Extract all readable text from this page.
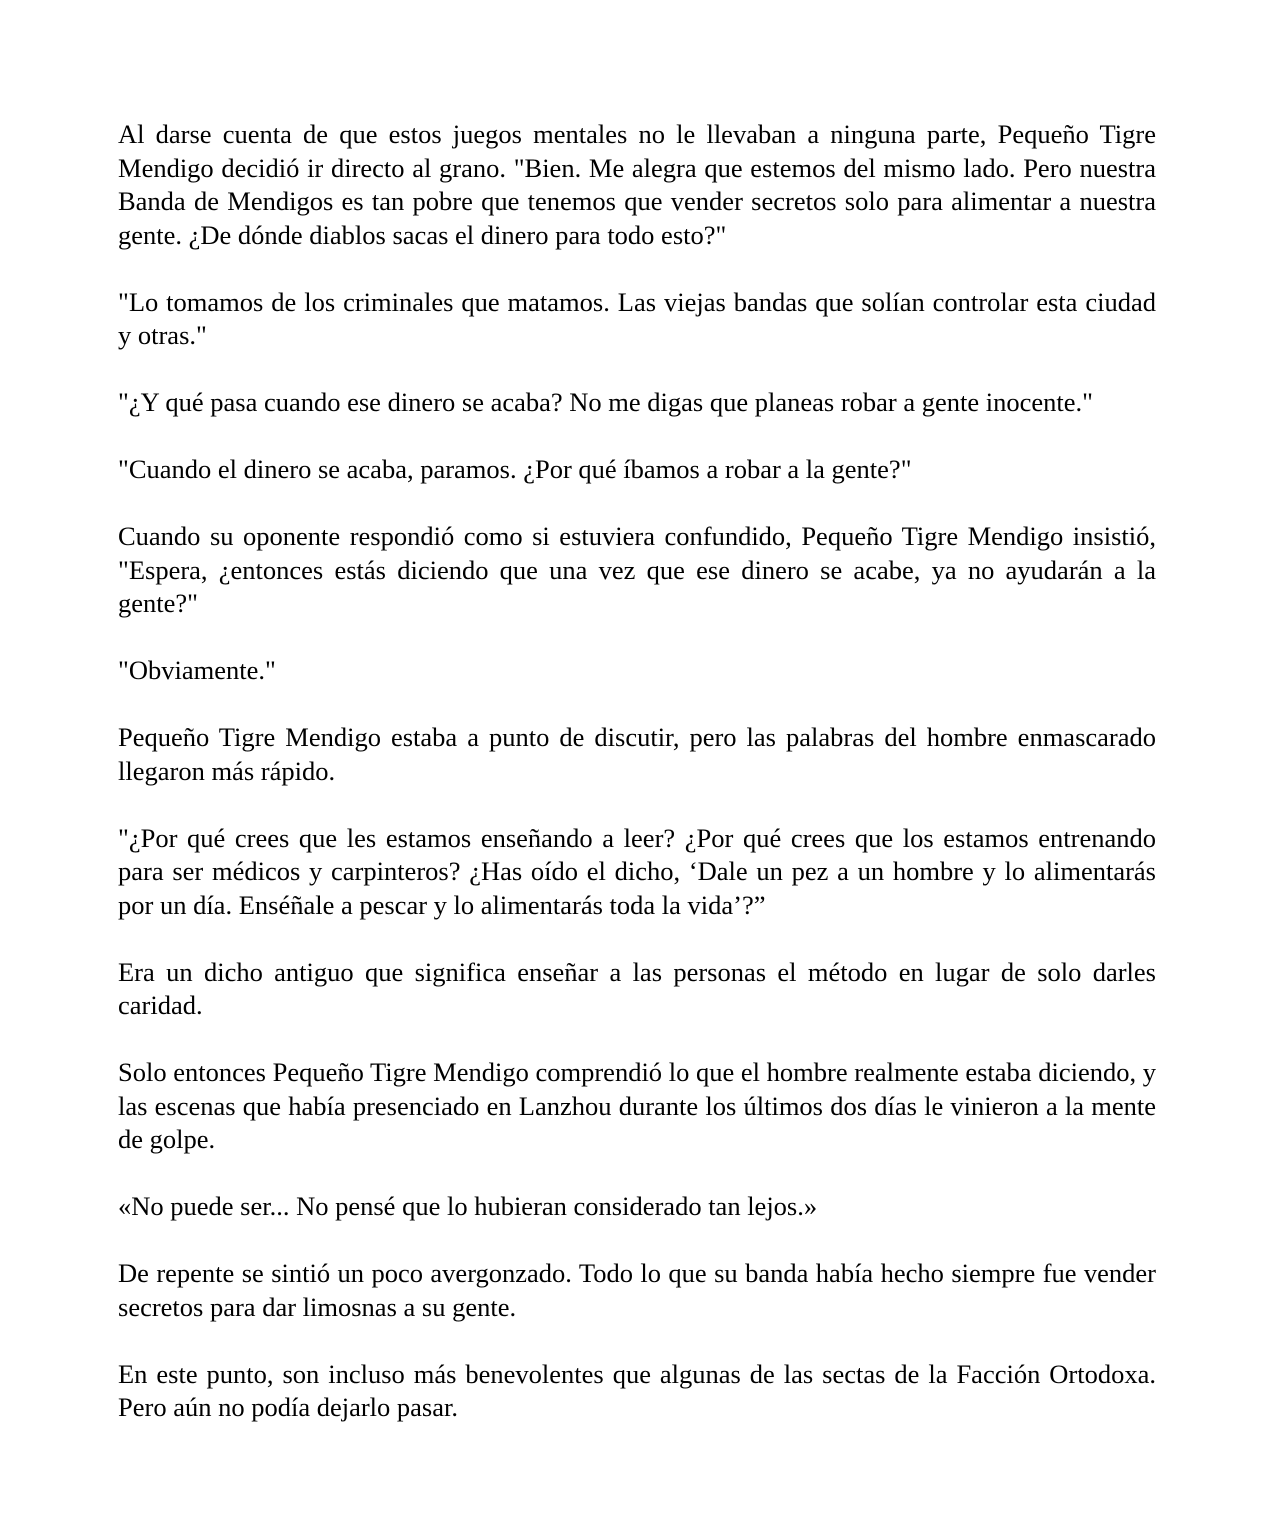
Al darse cuenta de que estos juegos mentales no le llevaban a ninguna parte, Pequeño Tigre Mendigo decidió ir directo al grano. "Bien. Me alegra que estemos del mismo lado. Pero nuestra Banda de Mendigos es tan pobre que tenemos que vender secretos solo para alimentar a nuestra gente. ¿De dónde diablos sacas el dinero para todo esto?"

"Lo tomamos de los criminales que matamos. Las viejas bandas que solían controlar esta ciudad y otras."

"¿Y qué pasa cuando ese dinero se acaba? No me digas que planeas robar a gente inocente."

"Cuando el dinero se acaba, paramos. ¿Por qué íbamos a robar a la gente?"

Cuando su oponente respondió como si estuviera confundido, Pequeño Tigre Mendigo insistió, "Espera, ¿entonces estás diciendo que una vez que ese dinero se acabe, ya no ayudarán a la gente?"

"Obviamente."

Pequeño Tigre Mendigo estaba a punto de discutir, pero las palabras del hombre enmascarado llegaron más rápido.

"¿Por qué crees que les estamos enseñando a leer? ¿Por qué crees que los estamos entrenando para ser médicos y carpinteros? ¿Has oído el dicho, ‘Dale un pez a un hombre y lo alimentarás por un día. Enséñale a pescar y lo alimentarás toda la vida’?”

Era un dicho antiguo que significa enseñar a las personas el método en lugar de solo darles caridad.

Solo entonces Pequeño Tigre Mendigo comprendió lo que el hombre realmente estaba diciendo, y las escenas que había presenciado en Lanzhou durante los últimos dos días le vinieron a la mente de golpe.

«No puede ser... No pensé que lo hubieran considerado tan lejos.»

De repente se sintió un poco avergonzado. Todo lo que su banda había hecho siempre fue vender secretos para dar limosnas a su gente.

En este punto, son incluso más benevolentes que algunas de las sectas de la Facción Ortodoxa. Pero aún no podía dejarlo pasar.
